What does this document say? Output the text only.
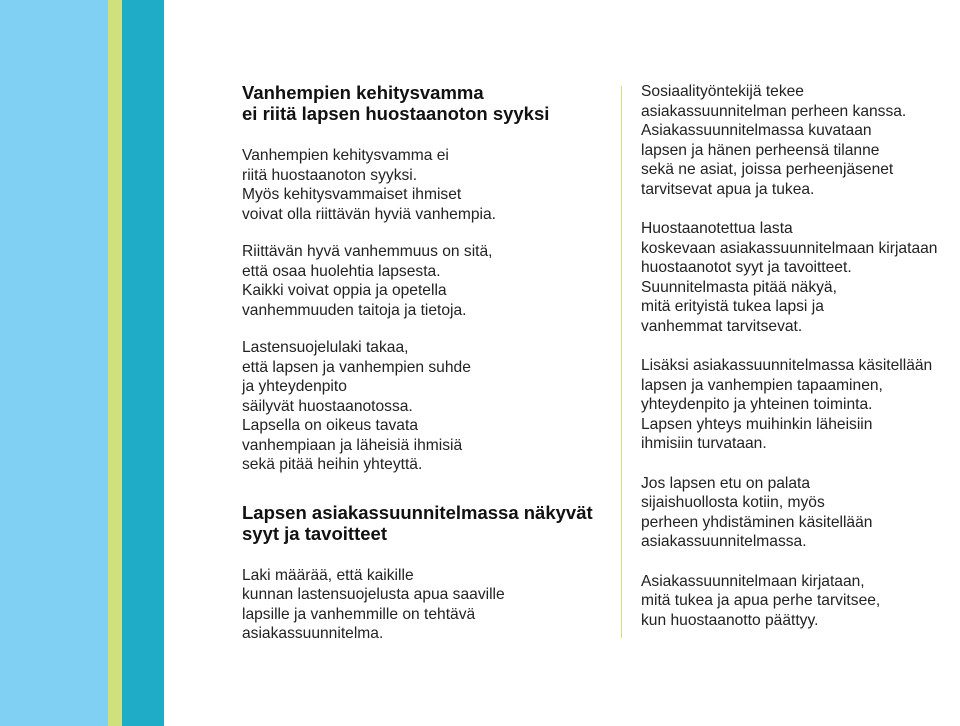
Vanhempien kehitysvamma
ei riitä lapsen huostaanoton syyksi

Vanhempien kehitysvamma ei
riitä huostaanoton syyksi.
Myös kehitysvammaiset ihmiset
voivat olla riittävän hyviä vanhempia.

Riittävän hyvä vanhemmuus on sitä,
että osaa huolehtia lapsesta.
Kaikki voivat oppia ja opetella
vanhemmuuden taitoja ja tietoja.

Lastensuojelulaki takaa,
että lapsen ja vanhempien suhde
ja yhteydenpito
säilyvät huostaanotossa.
Lapsella on oikeus tavata
vanhempiaan ja läheisiä ihmisiä
sekä pitää heihin yhteyttä.

Lapsen asiakassuunnitelmassa näkyvät
syyt ja tavoitteet

Laki määrää, että kaikille
kunnan lastensuojelusta apua saaville
lapsille ja vanhemmille on tehtävä
asiakassuunnitelma.

Sosiaalityöntekijä tekee
asiakassuunnitelman perheen kanssa.
Asiakassuunnitelmassa kuvataan
lapsen ja hänen perheensä tilanne
sekä ne asiat, joissa perheenjäsenet
tarvitsevat apua ja tukea.

Huostaanotettua lasta
koskevaan asiakassuunnitelmaan kirjataan
huostaanotot syyt ja tavoitteet.
Suunnitelmasta pitää näkyä,
mitä erityistä tukea lapsi ja
vanhemmat tarvitsevat.

Lisäksi asiakassuunnitelmassa käsitellään
lapsen ja vanhempien tapaaminen,
yhteydenpito ja yhteinen toiminta.
Lapsen yhteys muihinkin läheisiin
ihmisiin turvataan.

Jos lapsen etu on palata
sijaishuollosta kotiin, myös
perheen yhdistäminen käsitellään
asiakassuunnitelmassa.

Asiakassuunnitelmaan kirjataan,
mitä tukea ja apua perhe tarvitsee,
kun huostaanotto päättyy.
